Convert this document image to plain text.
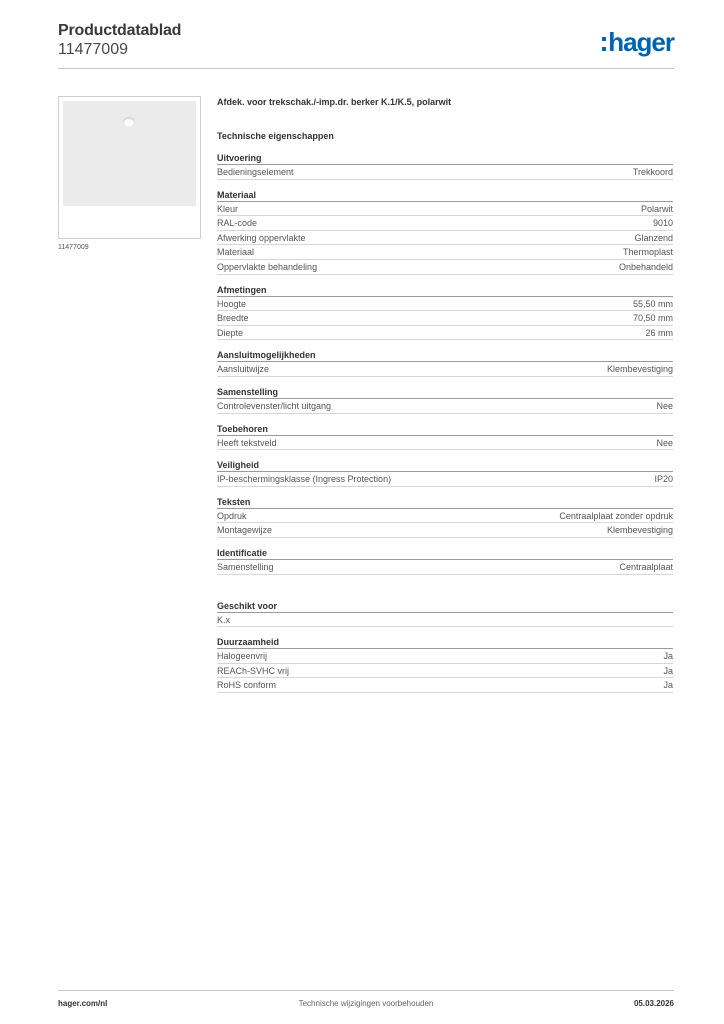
Productdatablad
11477009	hager
11477009
Afdek. voor trekschak./-imp.dr. berker K.1/K.5, polarwit
Technische eigenschappen
Uitvoering
Bedieningselement	Trekkoord
Materiaal
Kleur	Polarwit
RAL-code	9010
Afwerking oppervlakte	Glanzend
Materiaal	Thermoplast
Oppervlakte behandeling	Onbehandeld
Afmetingen
Hoogte	55,50 mm
Breedte	70,50 mm
Diepte	26 mm
Aansluitmogelijkheden
Aansluitwijze	Klembevestiging
Samenstelling
Controlevenster/licht uitgang	Nee
Toebehoren
Heeft tekstveld	Nee
Veiligheid
IP-beschermingsklasse (Ingress Protection)	IP20
Teksten
Opdruk	Centraalplaat zonder opdruk
Montagewijze	Klembevestiging
Identificatie
Samenstelling	Centraalplaat
Geschikt voor
K.x
Duurzaamheid
Halogeenvrij	Ja
REACh-SVHC vrij	Ja
RoHS conform	Ja
hager.com/nl	Technische wijzigingen voorbehouden	05.03.2026
